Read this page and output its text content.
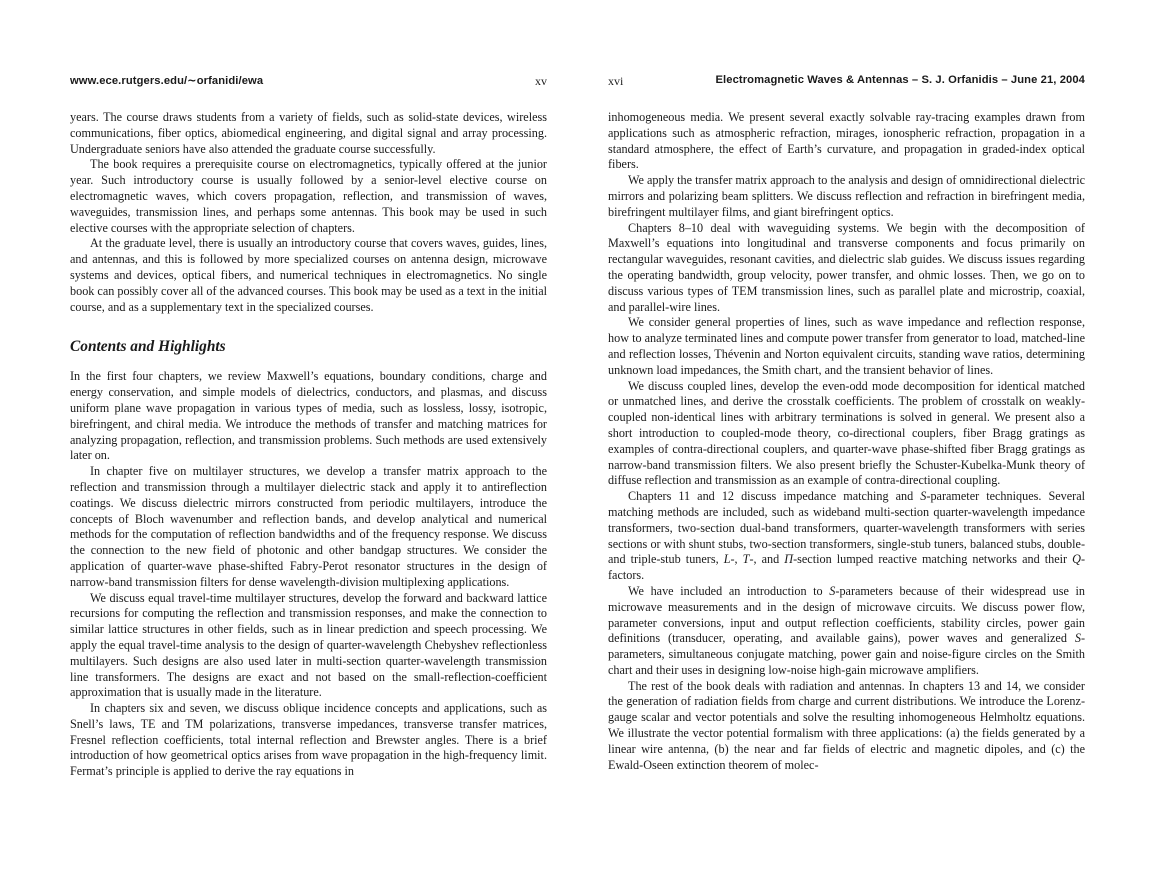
www.ece.rutgers.edu/∼orfanidi/ewa	xv

years. The course draws students from a variety of fields, such as solid-state devices, wireless communications, fiber optics, abiomedical engineering, and digital signal and array processing. Undergraduate seniors have also attended the graduate course successfully.

The book requires a prerequisite course on electromagnetics, typically offered at the junior year. Such introductory course is usually followed by a senior-level elective course on electromagnetic waves, which covers propagation, reflection, and transmission of waves, waveguides, transmission lines, and perhaps some antennas. This book may be used in such elective courses with the appropriate selection of chapters.

At the graduate level, there is usually an introductory course that covers waves, guides, lines, and antennas, and this is followed by more specialized courses on antenna design, microwave systems and devices, optical fibers, and numerical techniques in electromagnetics. No single book can possibly cover all of the advanced courses. This book may be used as a text in the initial course, and as a supplementary text in the specialized courses.

Contents and Highlights

In the first four chapters, we review Maxwell’s equations, boundary conditions, charge and energy conservation, and simple models of dielectrics, conductors, and plasmas, and discuss uniform plane wave propagation in various types of media, such as lossless, lossy, isotropic, birefringent, and chiral media. We introduce the methods of transfer and matching matrices for analyzing propagation, reflection, and transmission problems. Such methods are used extensively later on.

In chapter five on multilayer structures, we develop a transfer matrix approach to the reflection and transmission through a multilayer dielectric stack and apply it to antireflection coatings. We discuss dielectric mirrors constructed from periodic multilayers, introduce the concepts of Bloch wavenumber and reflection bands, and develop analytical and numerical methods for the computation of reflection bandwidths and of the frequency response. We discuss the connection to the new field of photonic and other bandgap structures. We consider the application of quarter-wave phase-shifted Fabry-Perot resonator structures in the design of narrow-band transmission filters for dense wavelength-division multiplexing applications.

We discuss equal travel-time multilayer structures, develop the forward and backward lattice recursions for computing the reflection and transmission responses, and make the connection to similar lattice structures in other fields, such as in linear prediction and speech processing. We apply the equal travel-time analysis to the design of quarter-wavelength Chebyshev reflectionless multilayers. Such designs are also used later in multi-section quarter-wavelength transmission line transformers. The designs are exact and not based on the small-reflection-coefficient approximation that is usually made in the literature.

In chapters six and seven, we discuss oblique incidence concepts and applications, such as Snell’s laws, TE and TM polarizations, transverse impedances, transverse transfer matrices, Fresnel reflection coefficients, total internal reflection and Brewster angles. There is a brief introduction of how geometrical optics arises from wave propagation in the high-frequency limit. Fermat’s principle is applied to derive the ray equations in

xvi	Electromagnetic Waves & Antennas – S. J. Orfanidis – June 21, 2004

inhomogeneous media. We present several exactly solvable ray-tracing examples drawn from applications such as atmospheric refraction, mirages, ionospheric refraction, propagation in a standard atmosphere, the effect of Earth’s curvature, and propagation in graded-index optical fibers.

We apply the transfer matrix approach to the analysis and design of omnidirectional dielectric mirrors and polarizing beam splitters. We discuss reflection and refraction in birefringent media, birefringent multilayer films, and giant birefringent optics.

Chapters 8–10 deal with waveguiding systems. We begin with the decomposition of Maxwell’s equations into longitudinal and transverse components and focus primarily on rectangular waveguides, resonant cavities, and dielectric slab guides. We discuss issues regarding the operating bandwidth, group velocity, power transfer, and ohmic losses. Then, we go on to discuss various types of TEM transmission lines, such as parallel plate and microstrip, coaxial, and parallel-wire lines.

We consider general properties of lines, such as wave impedance and reflection response, how to analyze terminated lines and compute power transfer from generator to load, matched-line and reflection losses, Thévenin and Norton equivalent circuits, standing wave ratios, determining unknown load impedances, the Smith chart, and the transient behavior of lines.

We discuss coupled lines, develop the even-odd mode decomposition for identical matched or unmatched lines, and derive the crosstalk coefficients. The problem of crosstalk on weakly-coupled non-identical lines with arbitrary terminations is solved in general. We present also a short introduction to coupled-mode theory, co-directional couplers, fiber Bragg gratings as examples of contra-directional couplers, and quarter-wave phase-shifted fiber Bragg gratings as narrow-band transmission filters. We also present briefly the Schuster-Kubelka-Munk theory of diffuse reflection and transmission as an example of contra-directional coupling.

Chapters 11 and 12 discuss impedance matching and S-parameter techniques. Several matching methods are included, such as wideband multi-section quarter-wavelength impedance transformers, two-section dual-band transformers, quarter-wavelength transformers with series sections or with shunt stubs, two-section transformers, single-stub tuners, balanced stubs, double- and triple-stub tuners, L-, T-, and Π-section lumped reactive matching networks and their Q-factors.

We have included an introduction to S-parameters because of their widespread use in microwave measurements and in the design of microwave circuits. We discuss power flow, parameter conversions, input and output reflection coefficients, stability circles, power gain definitions (transducer, operating, and available gains), power waves and generalized S-parameters, simultaneous conjugate matching, power gain and noise-figure circles on the Smith chart and their uses in designing low-noise high-gain microwave amplifiers.

The rest of the book deals with radiation and antennas. In chapters 13 and 14, we consider the generation of radiation fields from charge and current distributions. We introduce the Lorenz-gauge scalar and vector potentials and solve the resulting inhomogeneous Helmholtz equations. We illustrate the vector potential formalism with three applications: (a) the fields generated by a linear wire antenna, (b) the near and far fields of electric and magnetic dipoles, and (c) the Ewald-Oseen extinction theorem of molec-
